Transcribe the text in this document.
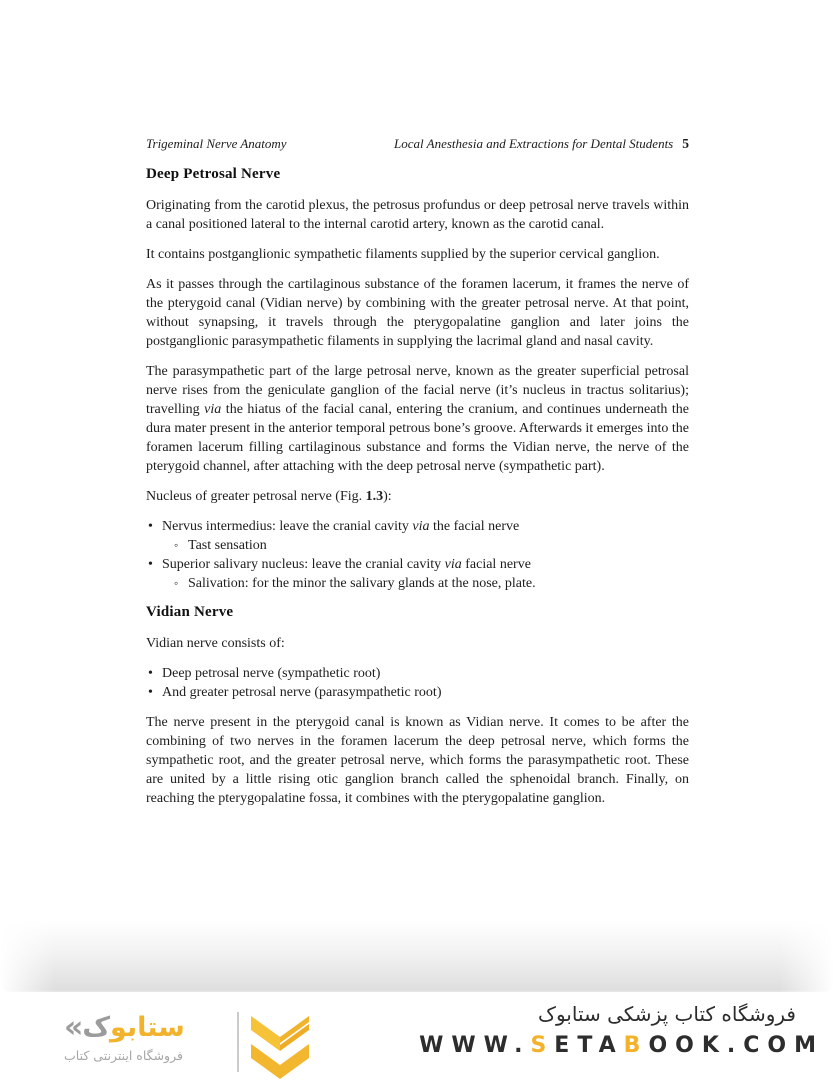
Trigeminal Nerve Anatomy	Local Anesthesia and Extractions for Dental Students 5
Deep Petrosal Nerve

Originating from the carotid plexus, the petrosus profundus or deep petrosal nerve travels within a canal positioned lateral to the internal carotid artery, known as the carotid canal.

It contains postganglionic sympathetic filaments supplied by the superior cervical ganglion.

As it passes through the cartilaginous substance of the foramen lacerum, it frames the nerve of the pterygoid canal (Vidian nerve) by combining with the greater petrosal nerve. At that point, without synapsing, it travels through the pterygopalatine ganglion and later joins the postganglionic parasympathetic filaments in supplying the lacrimal gland and nasal cavity.

The parasympathetic part of the large petrosal nerve, known as the greater superficial petrosal nerve rises from the geniculate ganglion of the facial nerve (it’s nucleus in tractus solitarius); travelling via the hiatus of the facial canal, entering the cranium, and continues underneath the dura mater present in the anterior temporal petrous bone’s groove. Afterwards it emerges into the foramen lacerum filling cartilaginous substance and forms the Vidian nerve, the nerve of the pterygoid channel, after attaching with the deep petrosal nerve (sympathetic part).

Nucleus of greater petrosal nerve (Fig. 1.3):

• Nervus intermedius: leave the cranial cavity via the facial nerve
◦ Tast sensation
• Superior salivary nucleus: leave the cranial cavity via facial nerve
◦ Salivation: for the minor the salivary glands at the nose, plate.
Vidian Nerve

Vidian nerve consists of:

• Deep petrosal nerve (sympathetic root)
• And greater petrosal nerve (parasympathetic root)

The nerve present in the pterygoid canal is known as Vidian nerve. It comes to be after the combining of two nerves in the foramen lacerum the deep petrosal nerve, which forms the sympathetic root, and the greater petrosal nerve, which forms the parasympathetic root. These are united by a little rising otic ganglion branch called the sphenoidal branch. Finally, on reaching the pterygopalatine fossa, it combines with the pterygopalatine ganglion.

«	ستابوک
فروشگاه اینترنتی کتاب
فروشگاه کتاب پزشکی ستابوک
WWW.SETABOOK.COM
